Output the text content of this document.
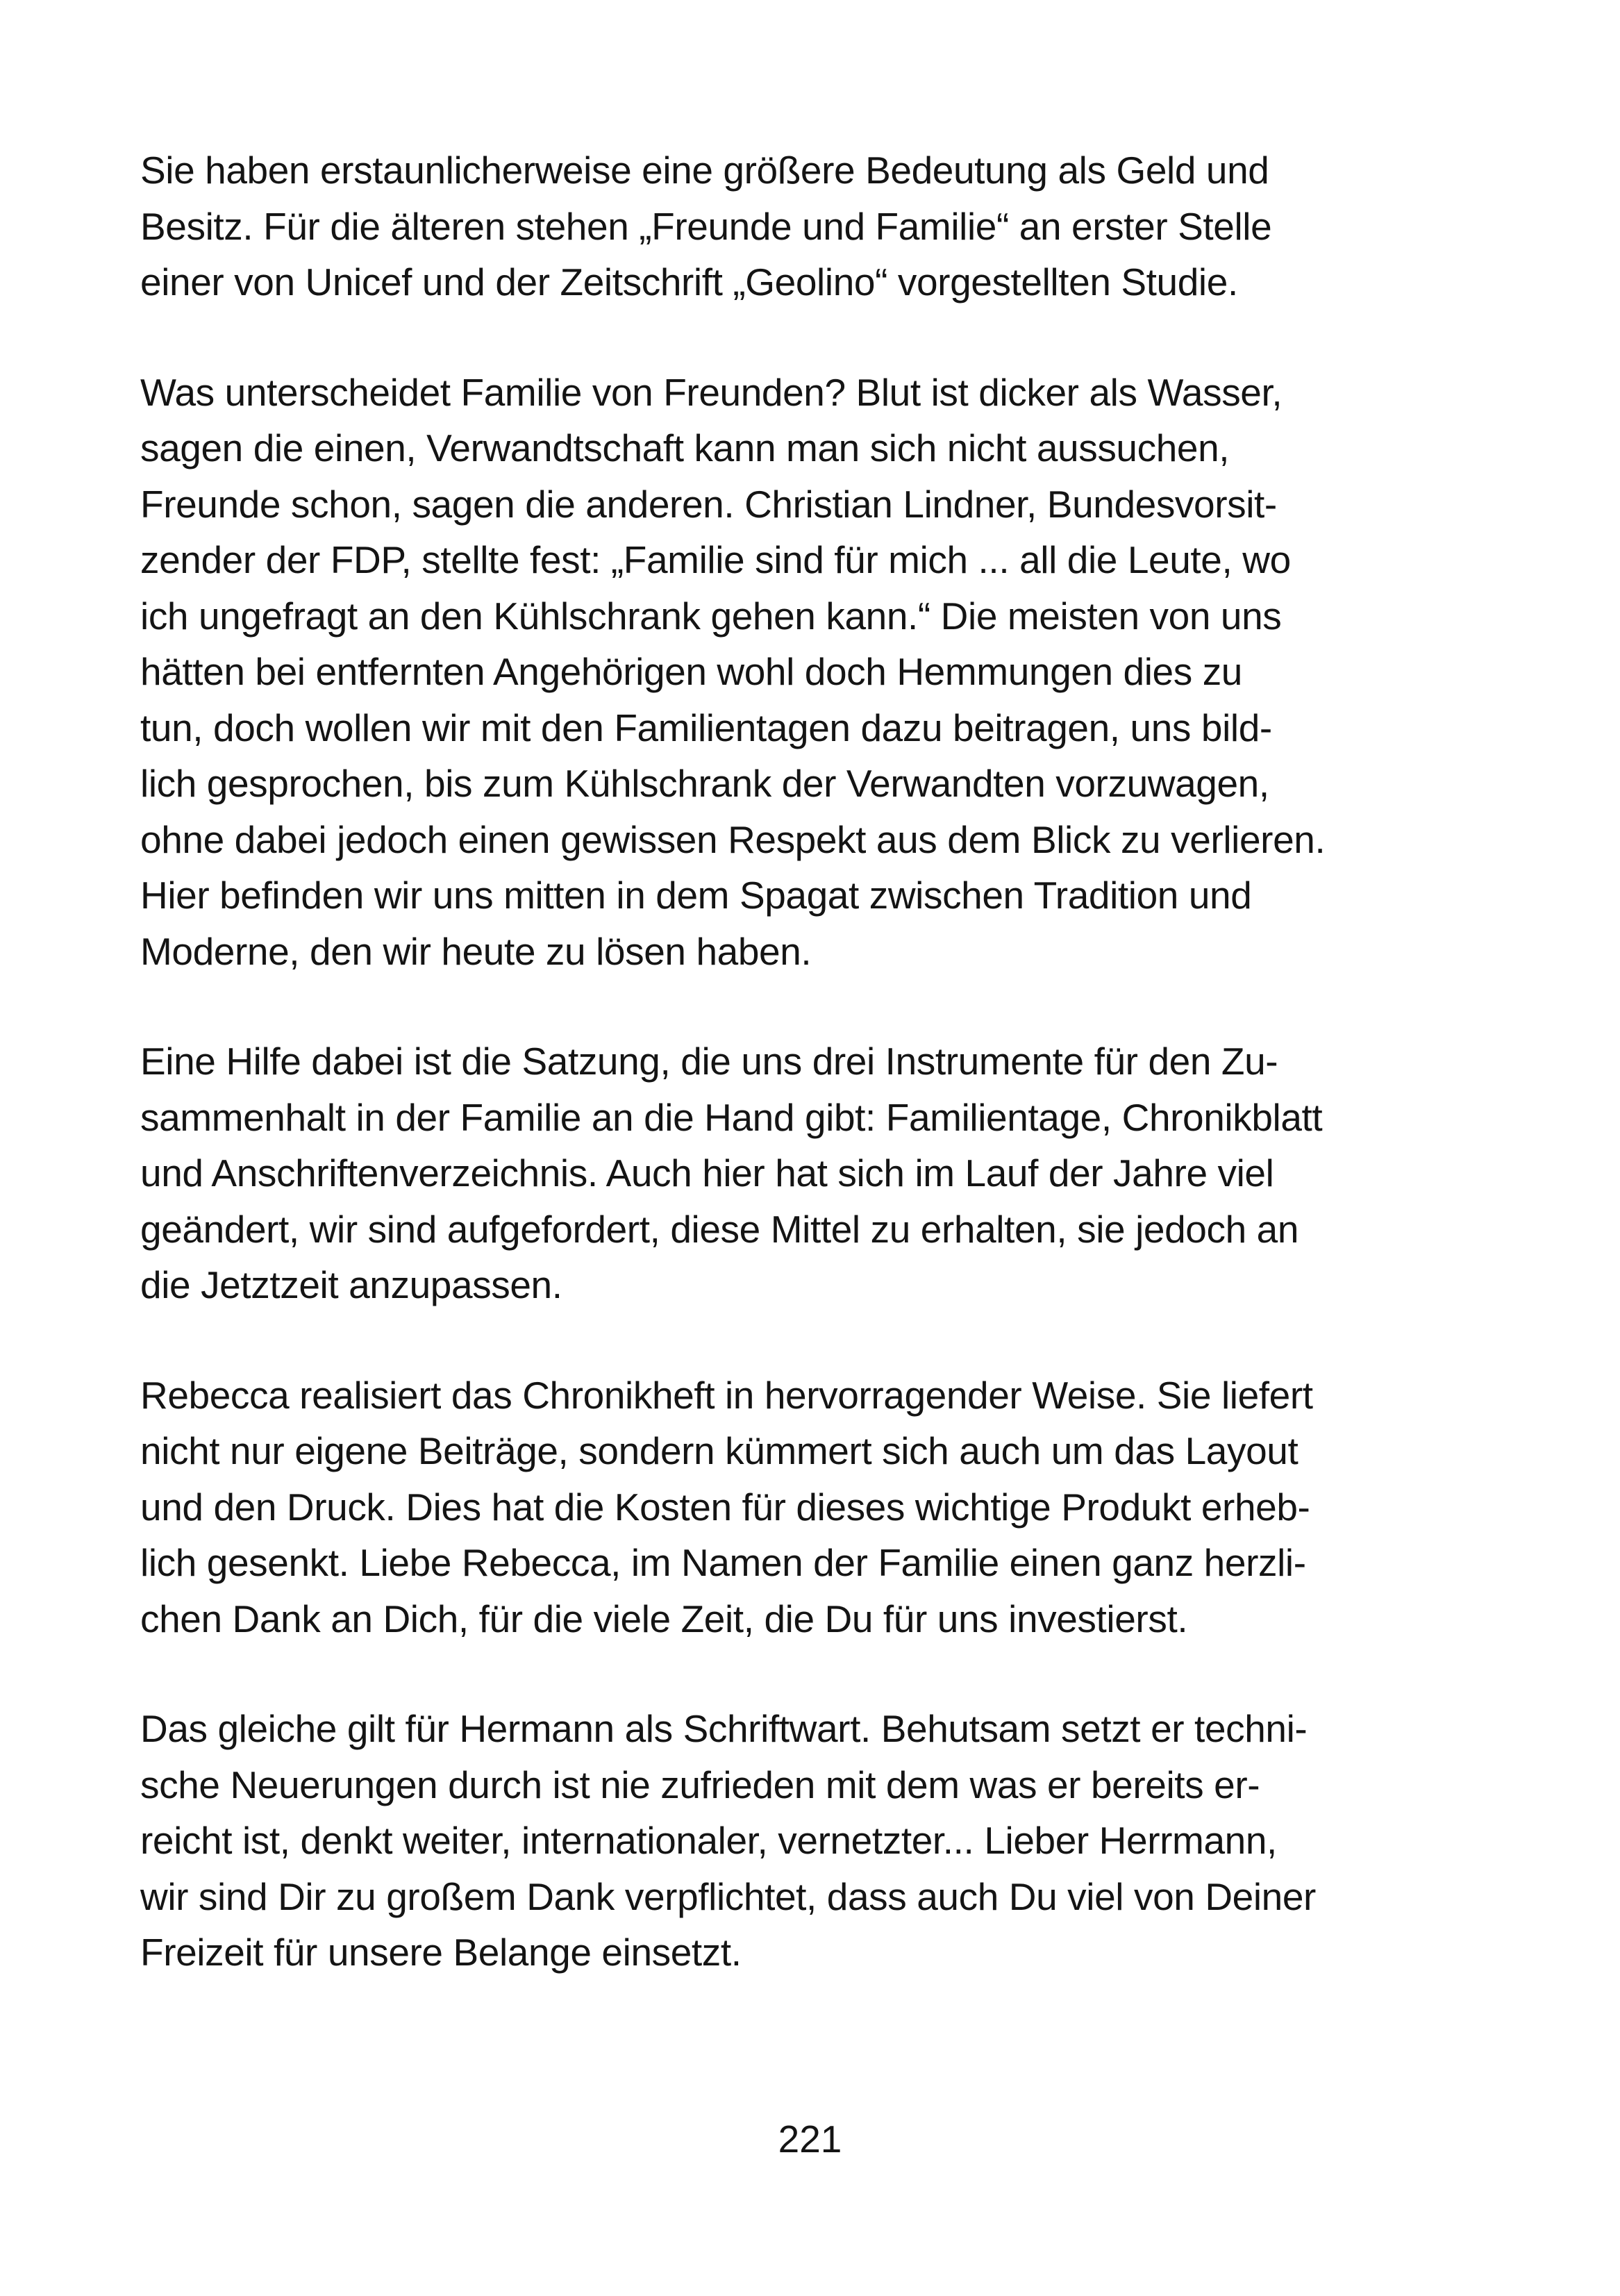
Sie haben erstaunlicherweise eine größere Bedeutung als Geld und
Besitz. Für die älteren stehen „Freunde und Familie“ an erster Stelle
einer von Unicef und der Zeitschrift „Geolino“ vorgestellten Studie.

Was unterscheidet Familie von Freunden? Blut ist dicker als Wasser,
sagen die einen, Verwandtschaft kann man sich nicht aussuchen,
Freunde schon, sagen die anderen. Christian Lindner, Bundesvorsit-
zender der FDP, stellte fest: „Familie sind für mich ... all die Leute, wo
ich ungefragt an den Kühlschrank gehen kann.“ Die meisten von uns
hätten bei entfernten Angehörigen wohl doch Hemmungen dies zu
tun, doch wollen wir mit den Familientagen dazu beitragen, uns bild-
lich gesprochen, bis zum Kühlschrank der Verwandten vorzuwagen,
ohne dabei jedoch einen gewissen Respekt aus dem Blick zu verlieren.
Hier befinden wir uns mitten in dem Spagat zwischen Tradition und
Moderne, den wir heute zu lösen haben.

Eine Hilfe dabei ist die Satzung, die uns drei Instrumente für den Zu-
sammenhalt in der Familie an die Hand gibt: Familientage, Chronikblatt
und Anschriftenverzeichnis. Auch hier hat sich im Lauf der Jahre viel
geändert, wir sind aufgefordert, diese Mittel zu erhalten, sie jedoch an
die Jetztzeit anzupassen.

Rebecca realisiert das Chronikheft in hervorragender Weise. Sie liefert
nicht nur eigene Beiträge, sondern kümmert sich auch um das Layout
und den Druck. Dies hat die Kosten für dieses wichtige Produkt erheb-
lich gesenkt. Liebe Rebecca, im Namen der Familie einen ganz herzli-
chen Dank an Dich, für die viele Zeit, die Du für uns investierst.

Das gleiche gilt für Hermann als Schriftwart. Behutsam setzt er techni-
sche Neuerungen durch ist nie zufrieden mit dem was er bereits er-
reicht ist, denkt weiter, internationaler, vernetzter... Lieber Herrmann,
wir sind Dir zu großem Dank verpflichtet, dass auch Du viel von Deiner
Freizeit für unsere Belange einsetzt.

221
